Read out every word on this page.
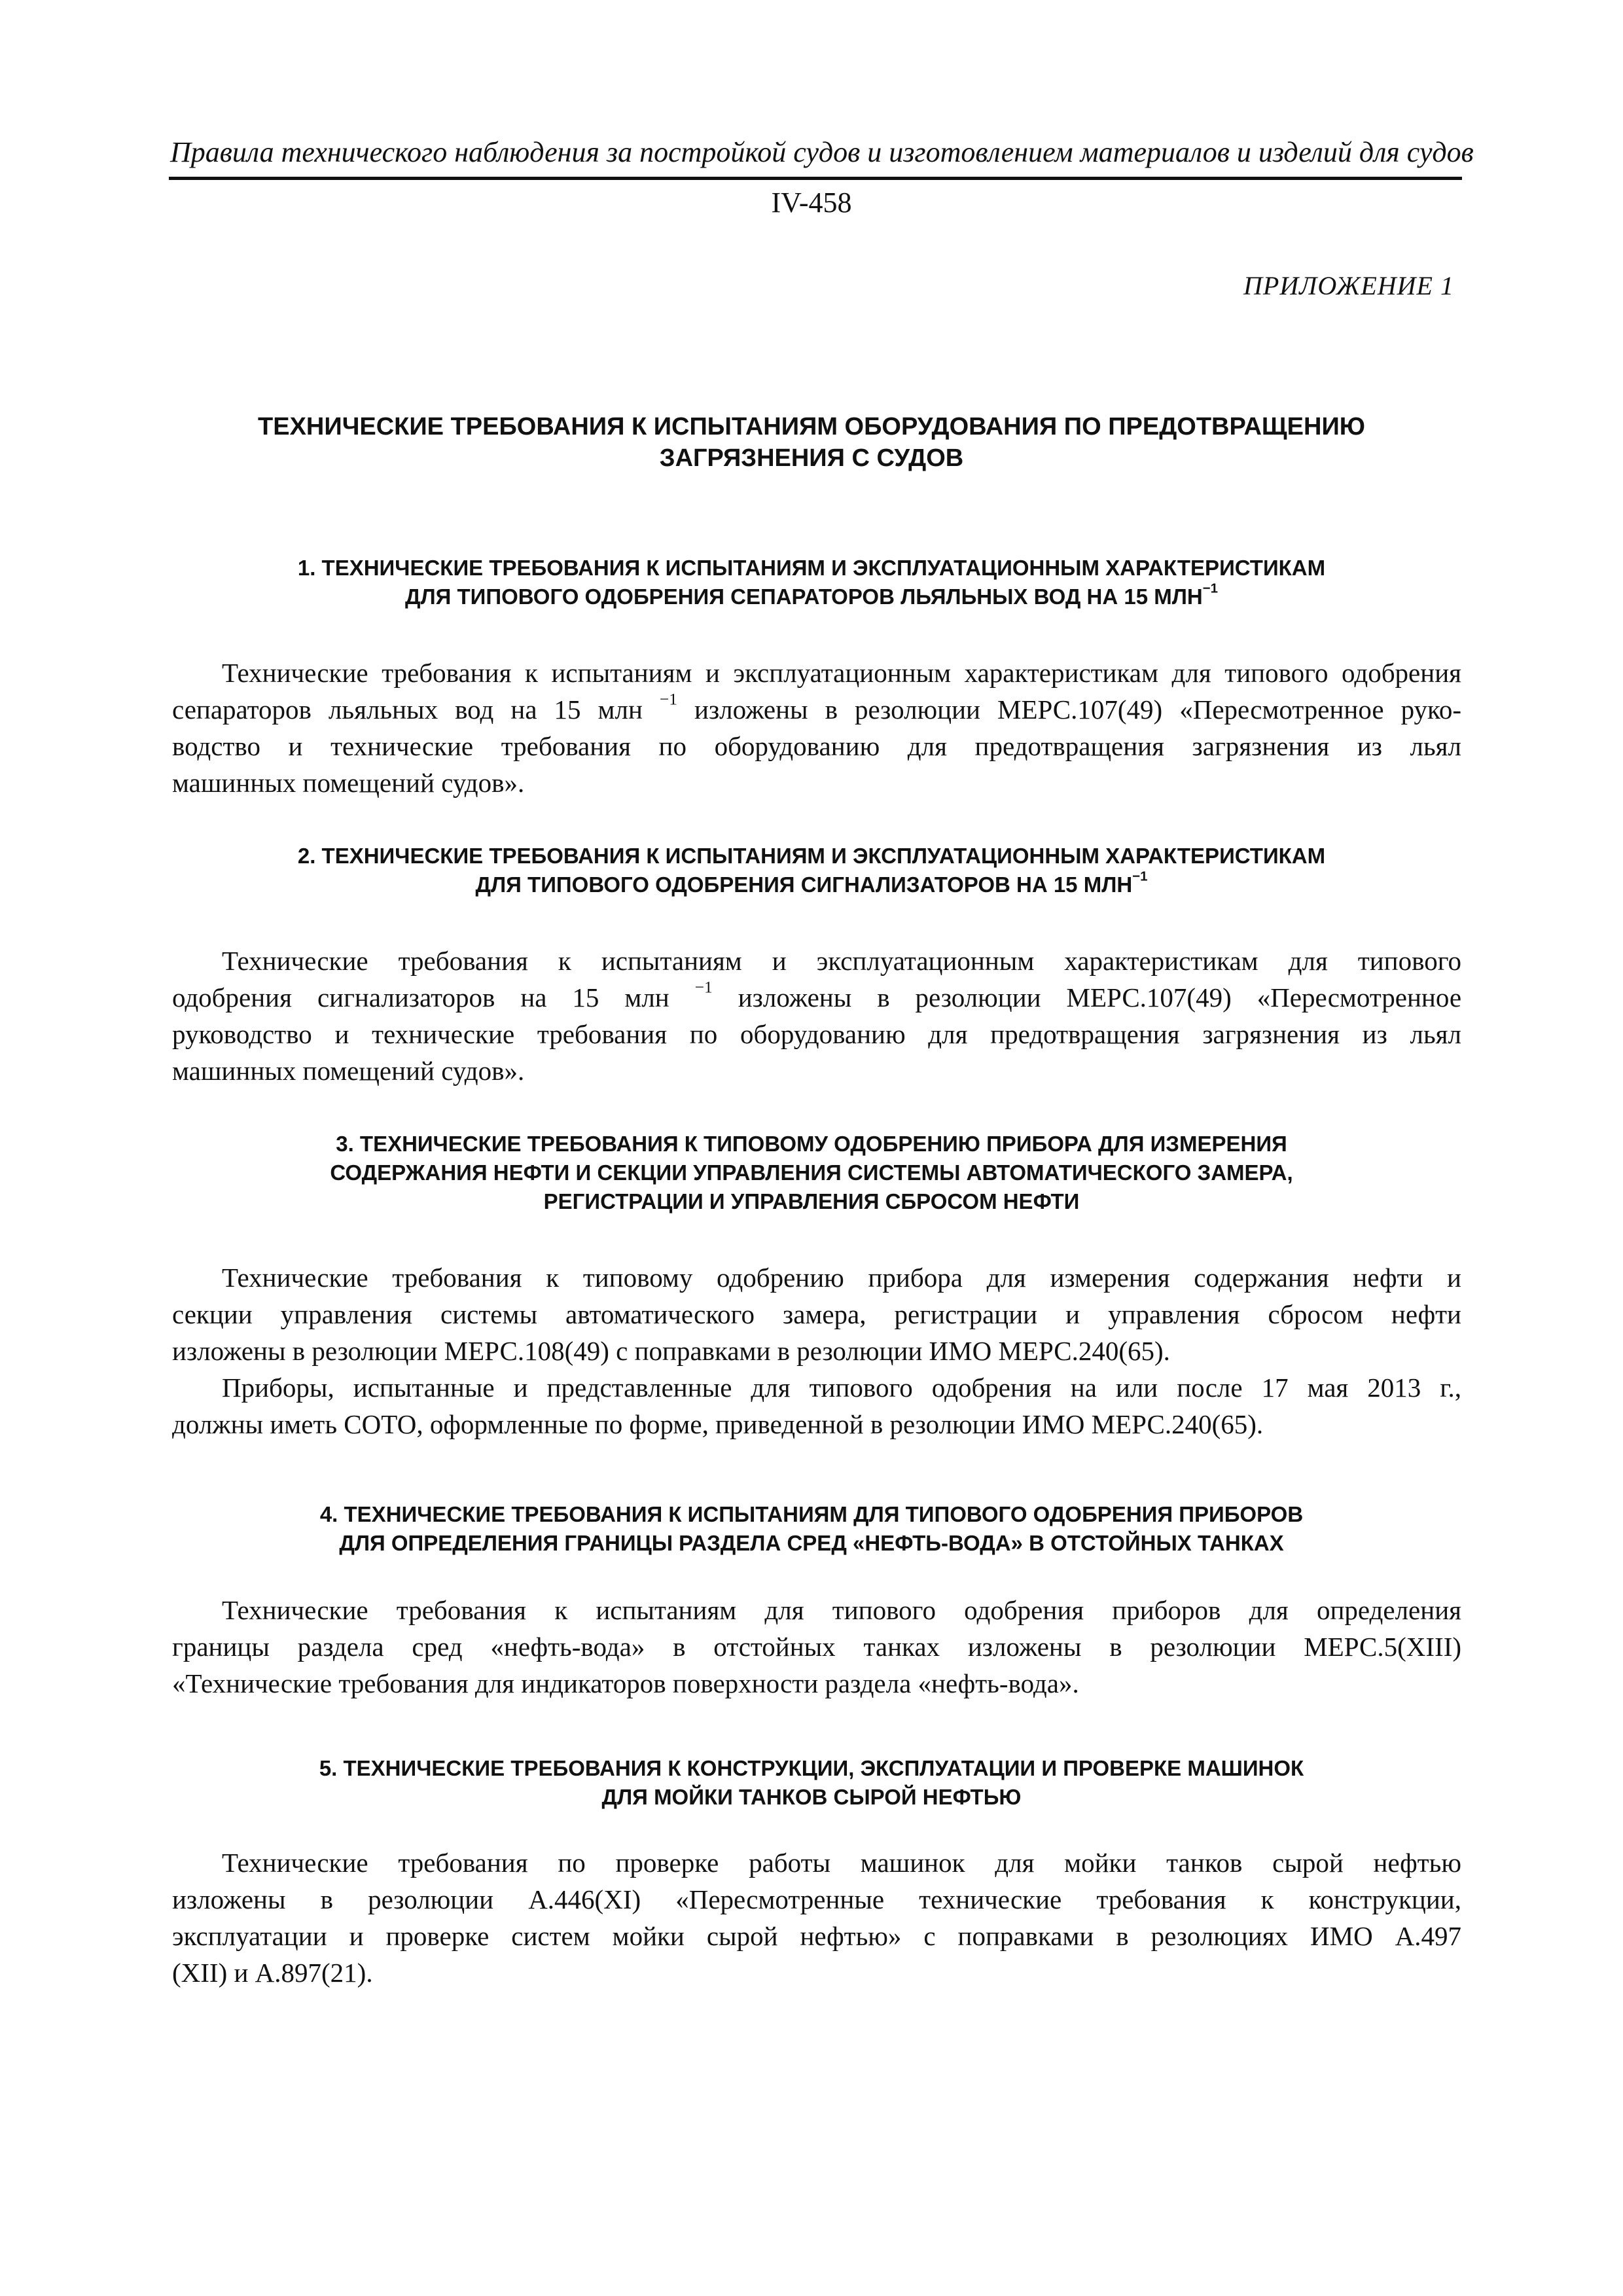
Правила технического наблюдения за постройкой судов и изготовлением материалов и изделий для судов
IV-458
ПРИЛОЖЕНИЕ 1
ТЕХНИЧЕСКИЕ ТРЕБОВАНИЯ К ИСПЫТАНИЯМ ОБОРУДОВАНИЯ ПО ПРЕДОТВРАЩЕНИЮ
ЗАГРЯЗНЕНИЯ С СУДОВ
1. ТЕХНИЧЕСКИЕ ТРЕБОВАНИЯ К ИСПЫТАНИЯМ И ЭКСПЛУАТАЦИОННЫМ ХАРАКТЕРИСТИКАМ
ДЛЯ ТИПОВОГО ОДОБРЕНИЯ СЕПАРАТОРОВ ЛЬЯЛЬНЫХ ВОД НА 15 $МЛН^{-1}$
Технические требования к испытаниям и эксплуатационным характеристикам для типового одобрения
сепараторов льяльных вод на 15 млн $^{-1}$ изложены в резолюции МЕРС.107(49) «Пересмотренное руко-
водство и технические требования по оборудованию для предотвращения загрязнения из льял
машинных помещений судов».
2. ТЕХНИЧЕСКИЕ ТРЕБОВАНИЯ К ИСПЫТАНИЯМ И ЭКСПЛУАТАЦИОННЫМ ХАРАКТЕРИСТИКАМ
ДЛЯ ТИПОВОГО ОДОБРЕНИЯ СИГНАЛИЗАТОРОВ НА 15 $МЛН^{-1}$
Технические требования к испытаниям и эксплуатационным характеристикам для типового
одобрения сигнализаторов на 15 млн $^{-1}$ изложены в резолюции МЕРС.107(49) «Пересмотренное
руководство и технические требования по оборудованию для предотвращения загрязнения из льял
машинных помещений судов».
3. ТЕХНИЧЕСКИЕ ТРЕБОВАНИЯ К ТИПОВОМУ ОДОБРЕНИЮ ПРИБОРА ДЛЯ ИЗМЕРЕНИЯ
СОДЕРЖАНИЯ НЕФТИ И СЕКЦИИ УПРАВЛЕНИЯ СИСТЕМЫ АВТОМАТИЧЕСКОГО ЗАМЕРА,
РЕГИСТРАЦИИ И УПРАВЛЕНИЯ СБРОСОМ НЕФТИ
Технические требования к типовому одобрению прибора для измерения содержания нефти и
секции управления системы автоматического замера, регистрации и управления сбросом нефти
изложены в резолюции МЕРС.108(49) с поправками в резолюции ИМО МЕРС.240(65).
Приборы, испытанные и представленные для типового одобрения на или после 17 мая 2013 г.,
должны иметь СОТО, оформленные по форме, приведенной в резолюции ИМО МЕРС.240(65).
4. ТЕХНИЧЕСКИЕ ТРЕБОВАНИЯ К ИСПЫТАНИЯМ ДЛЯ ТИПОВОГО ОДОБРЕНИЯ ПРИБОРОВ
ДЛЯ ОПРЕДЕЛЕНИЯ ГРАНИЦЫ РАЗДЕЛА СРЕД «НЕФТЬ-ВОДА» В ОТСТОЙНЫХ ТАНКАХ
Технические требования к испытаниям для типового одобрения приборов для определения
границы раздела сред «нефть-вода» в отстойных танках изложены в резолюции МЕРС.5(XIII)
«Технические требования для индикаторов поверхности раздела «нефть-вода».
5. ТЕХНИЧЕСКИЕ ТРЕБОВАНИЯ К КОНСТРУКЦИИ, ЭКСПЛУАТАЦИИ И ПРОВЕРКЕ МАШИНОК
ДЛЯ МОЙКИ ТАНКОВ СЫРОЙ НЕФТЬЮ
Технические требования по проверке работы машинок для мойки танков сырой нефтью
изложены в резолюции А.446(XI) «Пересмотренные технические требования к конструкции,
эксплуатации и проверке систем мойки сырой нефтью» с поправками в резолюциях ИМО А.497
(XII) и А.897(21).
